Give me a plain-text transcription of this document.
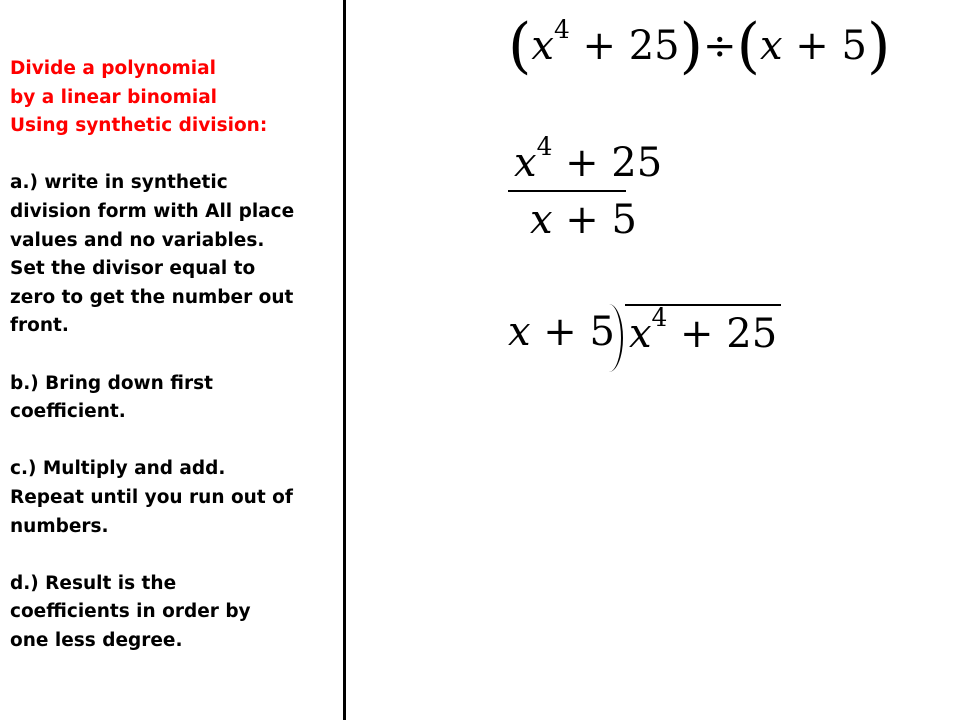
Divide a polynomial
by a linear binomial
Using synthetic division:
a.) write in synthetic
division form with All place
values and no variables.
Set the divisor equal to
zero to get the number out
front.
b.) Bring down first
coefficient.
c.) Multiply and add.
Repeat until you run out of
numbers.
d.) Result is the
coefficients in order by
one less degree.
$(x^4 + 25)\div(x + 5)$
$x^4 + 25$
x + 5
x + 5 $x^4 + 25$
